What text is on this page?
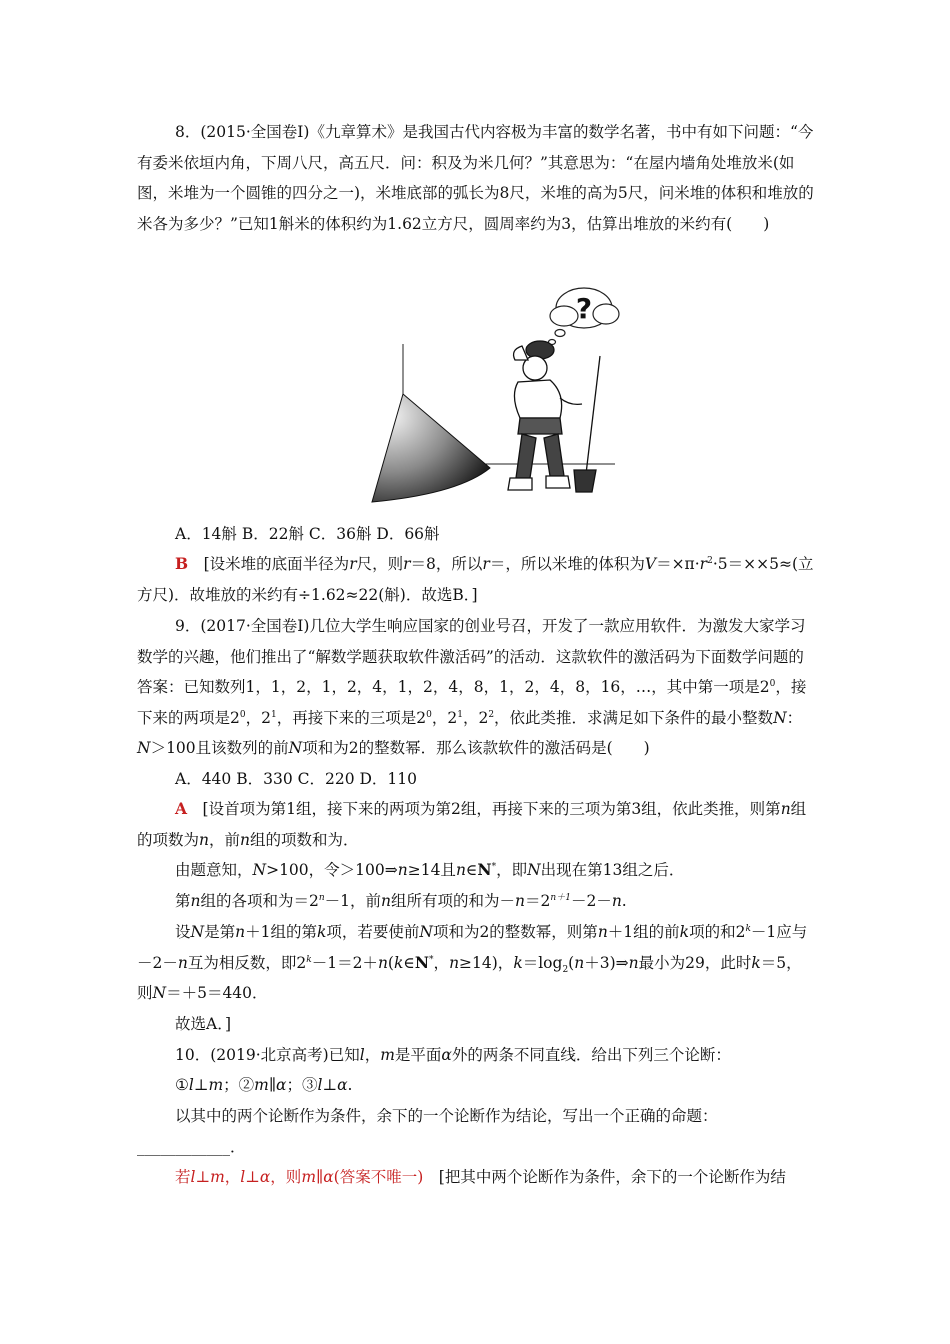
8．(2015·全国卷Ⅰ)《九章算术》是我国古代内容极为丰富的数学名著，书中有如下问题：“今有委米依垣内角，下周八尺，高五尺．问：积及为米几何？”其意思为：“在屋内墙角处堆放米(如图，米堆为一个圆锥的四分之一)，米堆底部的弧长为8尺，米堆的高为5尺，问米堆的体积和堆放的米各为多少？”已知1斛米的体积约为1.62立方尺，圆周率约为3，估算出堆放的米约有(　　)

?

A．14斛 B．22斛 C．36斛 D．66斛

B　 [设米堆的底面半径为r尺，则r＝8，所以r＝，所以米堆的体积为$V=\times\pi\cdot r^2\cdot 5=\times\times 5\approx$(立方尺)．故堆放的米约有÷1.62≈22(斛)．故选B．]

9．(2017·全国卷Ⅰ)几位大学生响应国家的创业号召，开发了一款应用软件．为激发大家学习数学的兴趣，他们推出了“解数学题获取软件激活码”的活动．这款软件的激活码为下面数学问题的答案：已知数列1，1，2，1，2，4，1，2，4，8，1，2，4，8，16，…，其中第一项是$2^0$，接下来的两项是$2^0$，$2^1$，再接下来的三项是$2^0$，$2^1$，$2^2$，依此类推．求满足如下条件的最小整数N：N＞100且该数列的前N项和为2的整数幂．那么该款软件的激活码是(　　)

A．440 B．330 C．220 D．110

A　 [设首项为第1组，接下来的两项为第2组，再接下来的三项为第3组，依此类推，则第n组的项数为n，前n组的项数和为．

由题意知，N>100，令＞100⇒n≥14且n∈N*，即N出现在第13组之后．

第n组的各项和为$=2^n-1$，前n组所有项的和为$-n=2^{n+1}-2-n$.

设N是第n＋1组的第k项，若要使前N项和为2的整数幂，则第n＋1组的前k项的和$2^k-1$应与－2－n互为相反数，即$2^k-1=2+n(k\in N^*$，n≥14)，$k=\log_2(n+3)\Rightarrow n$最小为29，此时k＝5，则N＝＋5＝440．

故选A．]

10．(2019·北京高考)已知l，m是平面α外的两条不同直线．给出下列三个论断：

①l⊥m；②m∥α；③l⊥α.

以其中的两个论断作为条件，余下的一个论断作为结论，写出一个正确的命题：____________．

若l⊥m，l⊥α，则m∥α(答案不唯一)　 [把其中两个论断作为条件，余下的一个论断作为结
